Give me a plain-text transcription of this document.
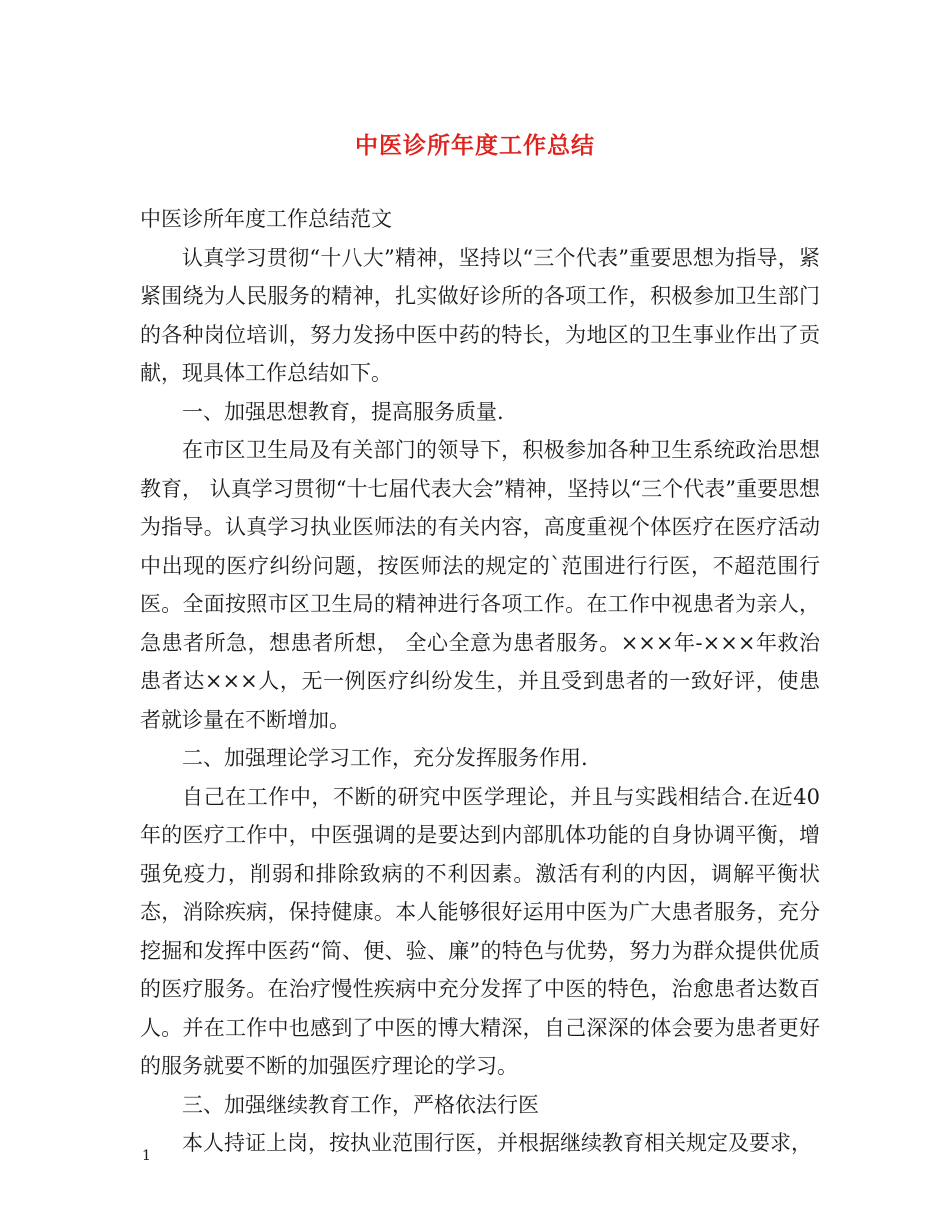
中医诊所年度工作总结

中医诊所年度工作总结范文

认真学习贯彻“十八大”精神，坚持以“三个代表”重要思想为指导，紧紧围绕为人民服务的精神，扎实做好诊所的各项工作，积极参加卫生部门的各种岗位培训，努力发扬中医中药的特长，为地区的卫生事业作出了贡献，现具体工作总结如下。

一、加强思想教育，提高服务质量.

在市区卫生局及有关部门的领导下，积极参加各种卫生系统政治思想教育， 认真学习贯彻“十七届代表大会”精神，坚持以“三个代表”重要思想为指导。认真学习执业医师法的有关内容，高度重视个体医疗在医疗活动中出现的医疗纠纷问题，按医师法的规定的`范围进行行医，不超范围行医。全面按照市区卫生局的精神进行各项工作。在工作中视患者为亲人，急患者所急，想患者所想， 全心全意为患者服务。×××年-×××年救治患者达×××人，无一例医疗纠纷发生，并且受到患者的一致好评，使患者就诊量在不断增加。

二、加强理论学习工作，充分发挥服务作用.

自己在工作中，不断的研究中医学理论，并且与实践相结合.在近40年的医疗工作中，中医强调的是要达到内部肌体功能的自身协调平衡，增强免疫力，削弱和排除致病的不利因素。激活有利的内因，调解平衡状态，消除疾病，保持健康。本人能够很好运用中医为广大患者服务，充分挖掘和发挥中医药“简、便、验、廉”的特色与优势，努力为群众提供优质的医疗服务。在治疗慢性疾病中充分发挥了中医的特色，治愈患者达数百人。并在工作中也感到了中医的博大精深，自己深深的体会要为患者更好的服务就要不断的加强医疗理论的学习。

三、加强继续教育工作，严格依法行医

本人持证上岗，按执业范围行医，并根据继续教育相关规定及要求，

1
